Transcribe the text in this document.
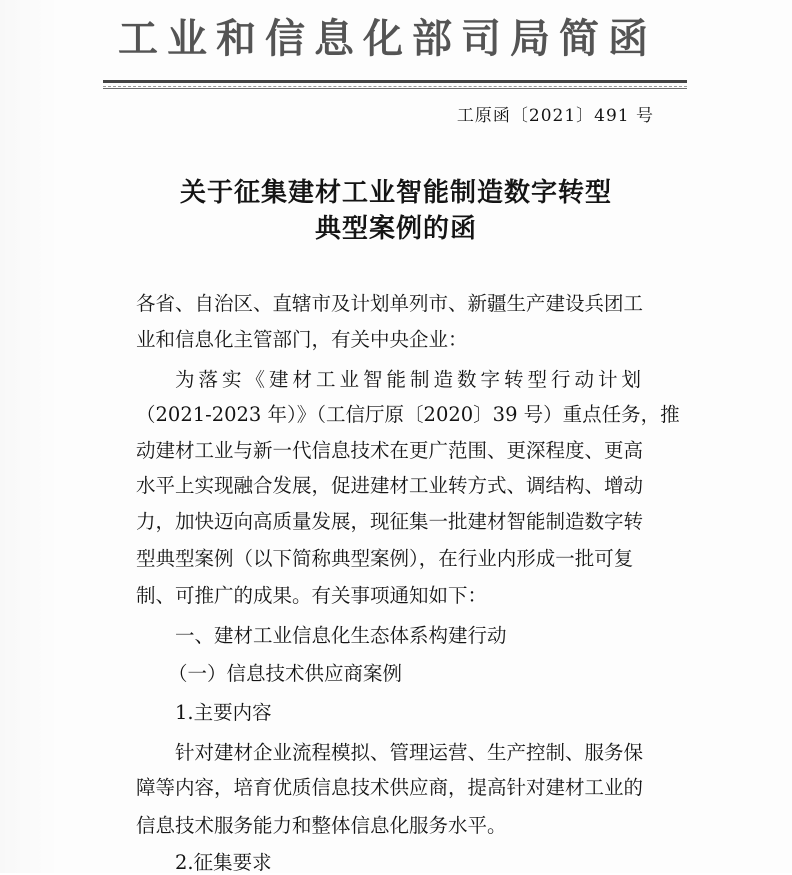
工业和信息化部司局简函
工原函〔2021〕491 号
关于征集建材工业智能制造数字转型
典型案例的函
各省、自治区、直辖市及计划单列市、新疆生产建设兵团工
业和信息化主管部门，有关中央企业：
为落实《建材工业智能制造数字转型行动计划
（2021-2023 年）》（工信厅原〔2020〕39 号）重点任务，推
动建材工业与新一代信息技术在更广范围、更深程度、更高
水平上实现融合发展，促进建材工业转方式、调结构、增动
力，加快迈向高质量发展，现征集一批建材智能制造数字转
型典型案例（以下简称典型案例），在行业内形成一批可复
制、可推广的成果。有关事项通知如下：
一、建材工业信息化生态体系构建行动
（一）信息技术供应商案例
1.主要内容
针对建材企业流程模拟、管理运营、生产控制、服务保
障等内容，培育优质信息技术供应商，提高针对建材工业的
信息技术服务能力和整体信息化服务水平。
2.征集要求
